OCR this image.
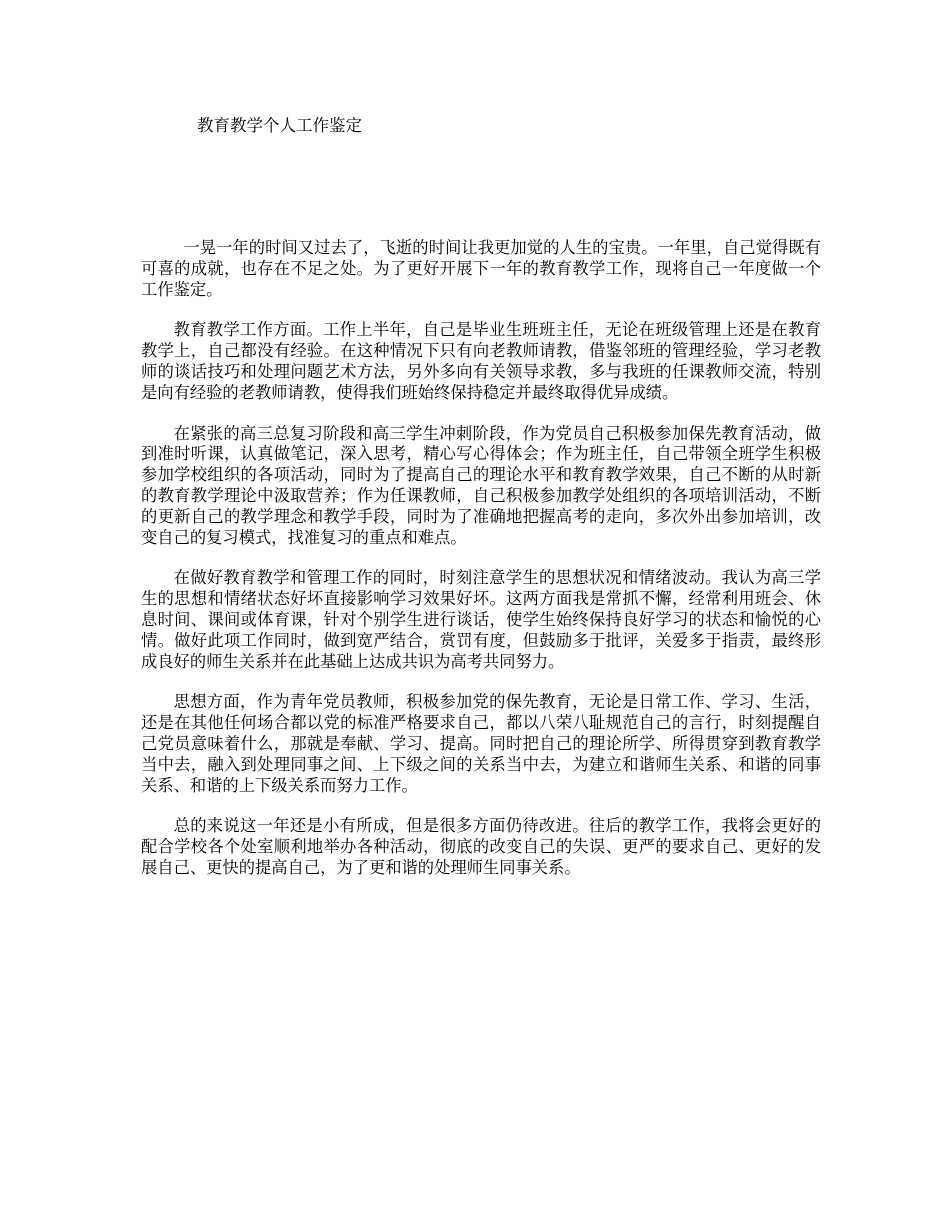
教育教学个人工作鉴定

一晃一年的时间又过去了，飞逝的时间让我更加觉的人生的宝贵。一年里，自己觉得既有可喜的成就，也存在不足之处。为了更好开展下一年的教育教学工作，现将自己一年度做一个工作鉴定。

教育教学工作方面。工作上半年，自己是毕业生班班主任，无论在班级管理上还是在教育教学上，自己都没有经验。在这种情况下只有向老教师请教，借鉴邻班的管理经验，学习老教师的谈话技巧和处理问题艺术方法，另外多向有关领导求教，多与我班的任课教师交流，特别是向有经验的老教师请教，使得我们班始终保持稳定并最终取得优异成绩。

在紧张的高三总复习阶段和高三学生冲刺阶段，作为党员自己积极参加保先教育活动，做到准时听课，认真做笔记，深入思考，精心写心得体会；作为班主任，自己带领全班学生积极参加学校组织的各项活动，同时为了提高自己的理论水平和教育教学效果，自己不断的从时新的教育教学理论中汲取营养；作为任课教师，自己积极参加教学处组织的各项培训活动，不断的更新自己的教学理念和教学手段，同时为了准确地把握高考的走向，多次外出参加培训，改变自己的复习模式，找准复习的重点和难点。

在做好教育教学和管理工作的同时，时刻注意学生的思想状况和情绪波动。我认为高三学生的思想和情绪状态好坏直接影响学习效果好坏。这两方面我是常抓不懈，经常利用班会、休息时间、课间或体育课，针对个别学生进行谈话，使学生始终保持良好学习的状态和愉悦的心情。做好此项工作同时，做到宽严结合，赏罚有度，但鼓励多于批评，关爱多于指责，最终形成良好的师生关系并在此基础上达成共识为高考共同努力。

思想方面，作为青年党员教师，积极参加党的保先教育，无论是日常工作、学习、生活，还是在其他任何场合都以党的标准严格要求自己，都以八荣八耻规范自己的言行，时刻提醒自己党员意味着什么，那就是奉献、学习、提高。同时把自己的理论所学、所得贯穿到教育教学当中去，融入到处理同事之间、上下级之间的关系当中去，为建立和谐师生关系、和谐的同事关系、和谐的上下级关系而努力工作。

总的来说这一年还是小有所成，但是很多方面仍待改进。往后的教学工作，我将会更好的配合学校各个处室顺利地举办各种活动，彻底的改变自己的失误、更严的要求自己、更好的发展自己、更快的提高自己，为了更和谐的处理师生同事关系。
